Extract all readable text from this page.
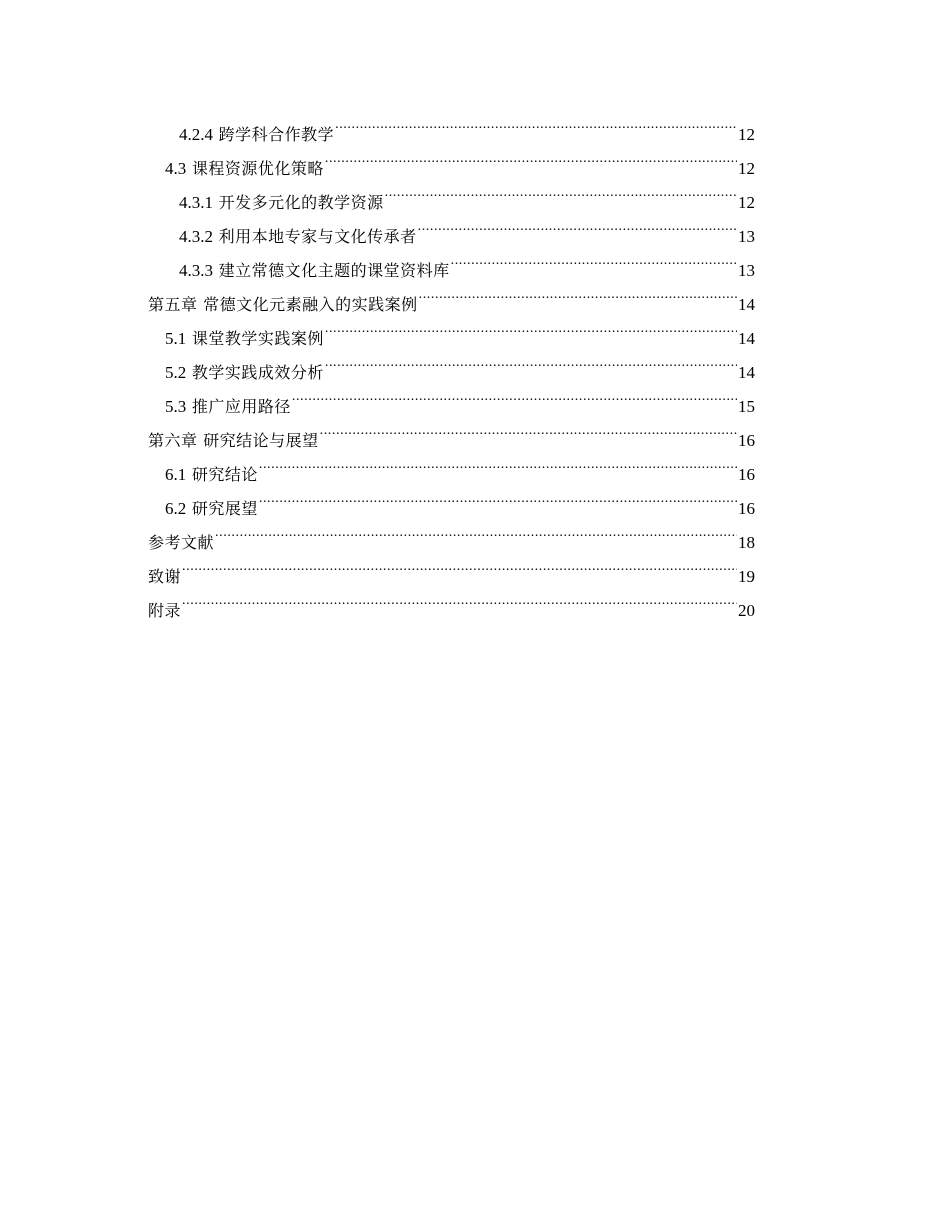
4.2.4 跨学科合作教学 .....	12
4.3 课程资源优化策略 .....	12
4.3.1 开发多元化的教学资源 .....	12
4.3.2 利用本地专家与文化传承者 .....	13
4.3.3 建立常德文化主题的课堂资料库 .....	13
第五章 常德文化元素融入的实践案例 .....	14
5.1 课堂教学实践案例 .....	14
5.2 教学实践成效分析 .....	14
5.3 推广应用路径 .....	15
第六章 研究结论与展望 .....	16
6.1 研究结论 .....	16
6.2 研究展望 .....	16
参考文献 .....	18
致谢 .....	19
附录 .....	20
